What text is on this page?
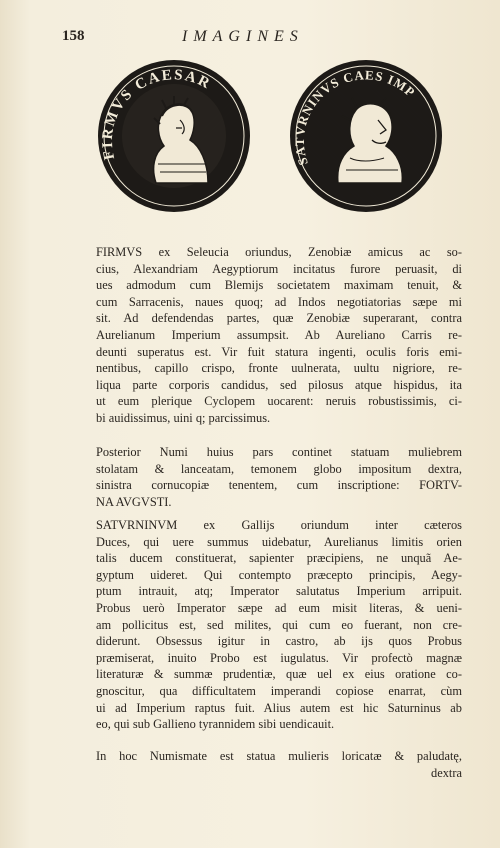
158	IMAGINES
FIRMVS CAESAR
SATVRNINVS CAES IMP
FIRMVS ex Seleucia oriundus, Zenobiæ amicus ac so-
cius, Alexandriam Aegyptiorum incitatus furore peruasit, di
ues admodum cum Blemijs societatem maximam tenuit, &
cum Sarracenis, naues quoq; ad Indos negotiatorias sæpe mi
sit. Ad defendendas partes, quæ Zenobiæ superarant, contra
Aurelianum Imperium assumpsit. Ab Aureliano Carris re-
deunti superatus est. Vir fuit statura ingenti, oculis foris emi-
nentibus, capillo crispo, fronte uulnerata, uultu nigriore, re-
liqua parte corporis candidus, sed pilosus atque hispidus, ita
ut eum plerique Cyclopem uocarent: neruis robustissimis, ci-
bi auidissimus, uini q; parcissimus.
Posterior Numi huius pars continet statuam muliebrem
stolatam & lanceatam, temonem globo impositum dextra,
sinistra cornucopiæ tenentem, cum inscriptione: FORTV-
NA AVGVSTI.
SATVRNINVM ex Gallijs oriundum inter cæteros
Duces, qui uere summus uidebatur, Aurelianus limitis orien
talis ducem constituerat, sapienter præcipiens, ne unquã Ae-
gyptum uideret. Qui contempto præcepto principis, Aegy-
ptum intrauit, atq; Imperator salutatus Imperium arripuit.
Probus uerò Imperator sæpe ad eum misit literas, & ueni-
am pollicitus est, sed milites, qui cum eo fuerant, non cre-
diderunt. Obsessus igitur in castro, ab ijs quos Probus
præmiserat, inuito Probo est iugulatus. Vir profectò magnæ
literaturæ & summæ prudentiæ, quæ uel ex eius oratione co-
gnoscitur, qua difficultatem imperandi copiose enarrat, cùm
ui ad Imperium raptus fuit. Alius autem est hic Saturninus ab
eo, qui sub Gallieno tyrannidem sibi uendicauit.
In hoc Numismate est statua mulieris loricatæ & paludatę,
dextra
